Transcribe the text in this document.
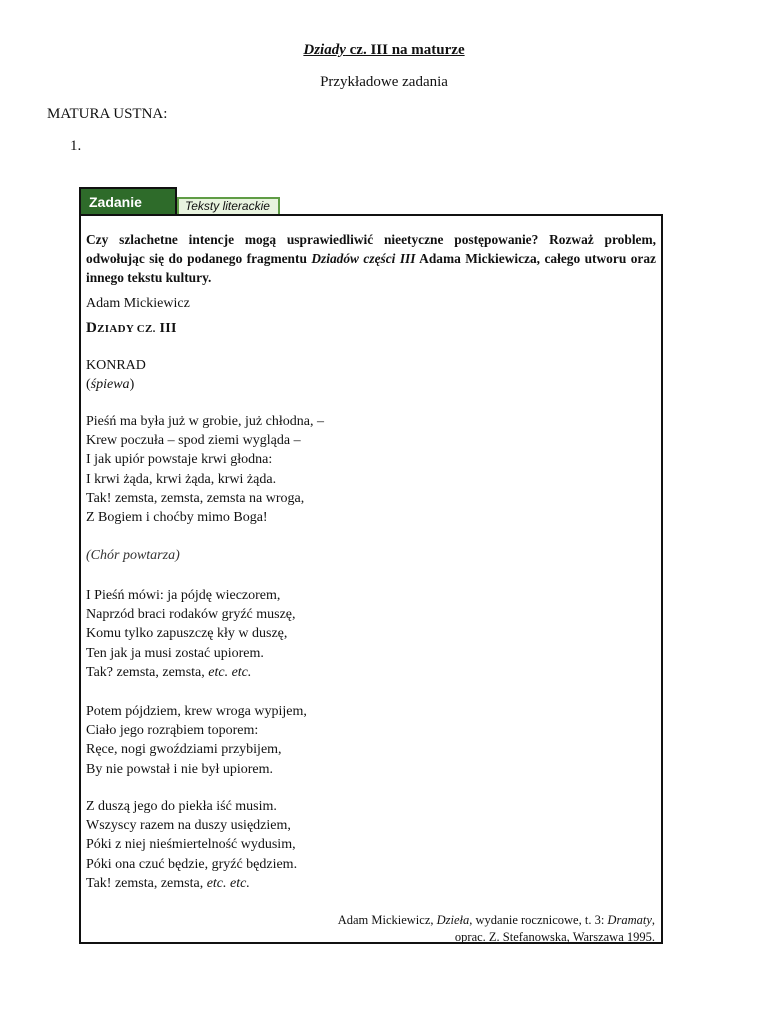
Dziady cz. III na maturze
Przykładowe zadania
MATURA USTNA:
1.
Zadanie 1.10.
Teksty literackie
Czy szlachetne intencje mogą usprawiedliwić nieetyczne postępowanie? Rozważ problem, odwołując się do podanego fragmentu Dziadów części III Adama Mickiewicza, całego utworu oraz innego tekstu kultury.
Adam Mickiewicz
DZIADY CZ. III
KONRAD
(śpiewa)
Pieśń ma była już w grobie, już chłodna, –
Krew poczuła – spod ziemi wygląda –
I jak upiór powstaje krwi głodna:
I krwi żąda, krwi żąda, krwi żąda.
Tak! zemsta, zemsta, zemsta na wroga,
Z Bogiem i choćby mimo Boga!
(Chór powtarza)
I Pieśń mówi: ja pójdę wieczorem,
Naprzód braci rodaków gryźć muszę,
Komu tylko zapuszczę kły w duszę,
Ten jak ja musi zostać upiorem.
Tak? zemsta, zemsta, etc. etc.
Potem pójdziem, krew wroga wypijem,
Ciało jego rozrąbiem toporem:
Ręce, nogi gwoździami przybijem,
By nie powstał i nie był upiorem.
Z duszą jego do piekła iść musim.
Wszyscy razem na duszy usiędziem,
Póki z niej nieśmiertelność wydusim,
Póki ona czuć będzie, gryźć będziem.
Tak! zemsta, zemsta, etc. etc.
Adam Mickiewicz, Dzieła, wydanie rocznicowe, t. 3: Dramaty,
oprac. Z. Stefanowska, Warszawa 1995.
